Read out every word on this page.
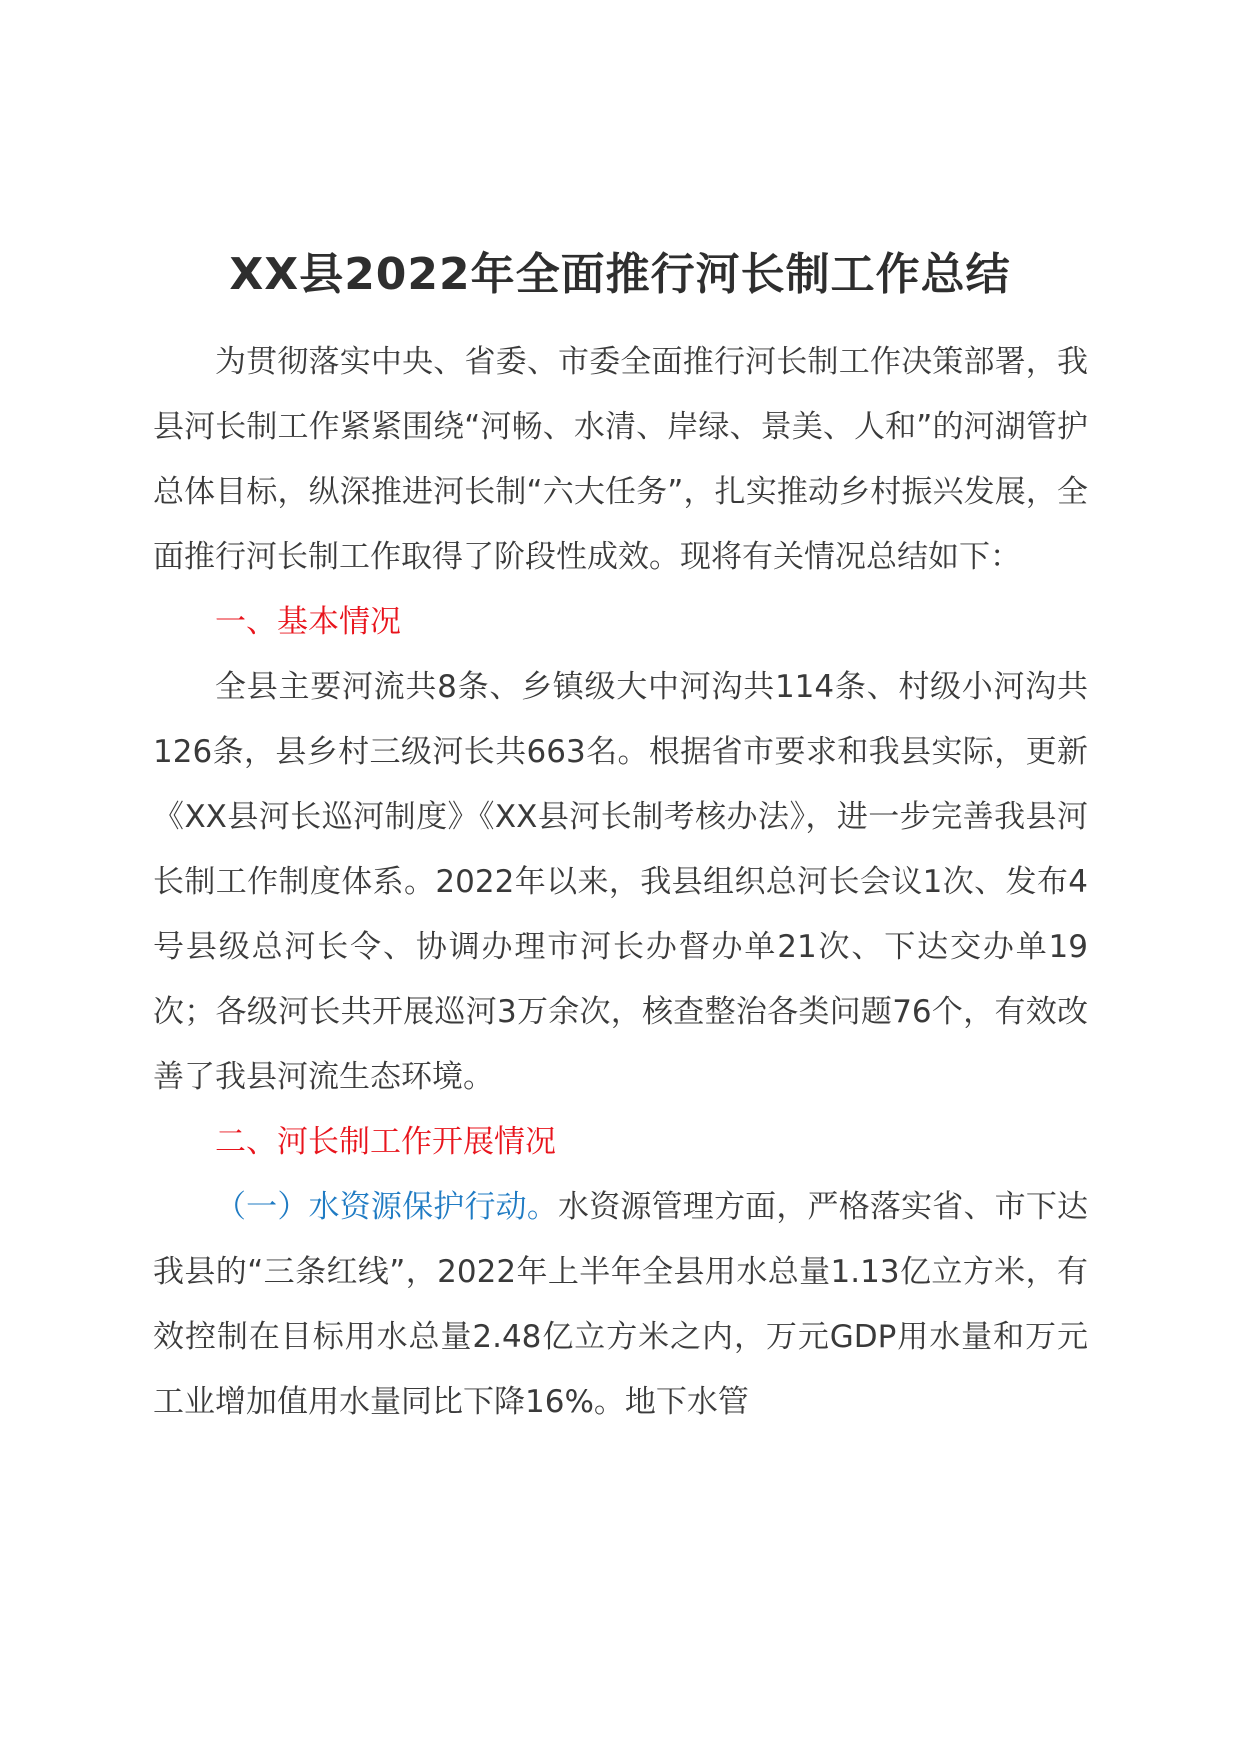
XX县2022年全面推行河长制工作总结

为贯彻落实中央、省委、市委全面推行河长制工作决策部署，我县河长制工作紧紧围绕“河畅、水清、岸绿、景美、人和”的河湖管护总体目标，纵深推进河长制“六大任务”，扎实推动乡村振兴发展，全面推行河长制工作取得了阶段性成效。现将有关情况总结如下：

一、基本情况

全县主要河流共8条、乡镇级大中河沟共114条、村级小河沟共126条，县乡村三级河长共663名。根据省市要求和我县实际，更新《XX县河长巡河制度》《XX县河长制考核办法》，进一步完善我县河长制工作制度体系。2022年以来，我县组织总河长会议1次、发布4号县级总河长令、协调办理市河长办督办单21次、下达交办单19次；各级河长共开展巡河3万余次，核查整治各类问题76个，有效改善了我县河流生态环境。

二、河长制工作开展情况

（一）水资源保护行动。水资源管理方面，严格落实省、市下达我县的“三条红线”，2022年上半年全县用水总量1.13亿立方米，有效控制在目标用水总量2.48亿立方米之内，万元GDP用水量和万元工业增加值用水量同比下降16%。地下水管
